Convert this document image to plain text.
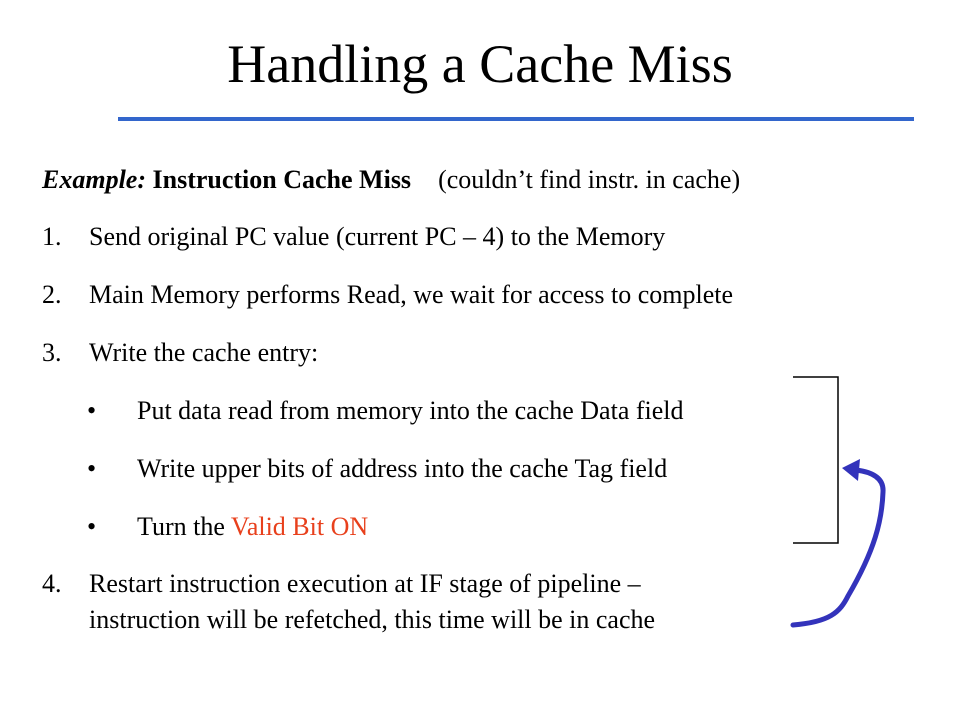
Handling a Cache Miss
Example: Instruction Cache Miss (couldn’t find instr. in cache)
1. Send original PC value (current PC – 4) to the Memory
2. Main Memory performs Read, we wait for access to complete
3. Write the cache entry:
• Put data read from memory into the cache Data field
• Write upper bits of address into the cache Tag field
• Turn the Valid Bit ON
4. Restart instruction execution at IF stage of pipeline –
instruction will be refetched, this time will be in cache
